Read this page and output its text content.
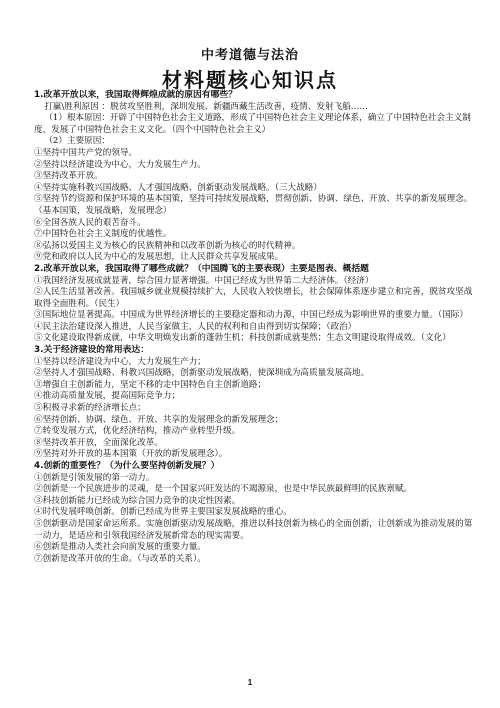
中考道德与法治
材料题核心知识点

1.改革开放以来，我国取得辉煌成就的原因有哪些？

打赢\胜利原因 ：脱贫攻坚胜利，深圳发展、新疆西藏生活改善，疫情、发射飞船……

（1）根本原因：开辟了中国特色社会主义道路，形成了中国特色社会主义理论体系，确立了中国特色社会主义制度，发展了中国特色社会主义文化。（四个中国特色社会主义）

（2）主要原因：

①坚持中国共产党的领导。

②坚持以经济建设为中心，大力发展生产力。

③坚持改革开放。

④坚持实施科教兴国战略、人才强国战略、创新驱动发展战略。（三大战略）

⑤坚持节约资源和保护环境的基本国策，坚持可持续发展战略，贯彻创新、协调、绿色、开放、共享的新发展理念。（基本国策，发展战略，发展理念）

⑥全国各族人民的艰苦奋斗。

⑦中国特色社会主义制度的优越性。

⑧弘扬以爱国主义为核心的民族精神和以改革创新为核心的时代精神。

⑨党和政府以人民为中心的发展思想，让人民群众共享发展成果。

2.改革开放以来，我国取得了哪些成就？（中国腾飞的主要表现）主要是图表、概括题

①我国经济发展成就显著，综合国力显著增强。中国已经成为世界第二大经济体。（经济）

②人民生活显著改善。我国城乡就业规模持续扩大，人民收入较快增长，社会保障体系逐步建立和完善，脱贫攻坚战取得全面胜利。（民生）

③国际地位显著提高。中国成为世界经济增长的主要稳定器和动力源，中国已经成为影响世界的重要力量。（国际）

④民主法治建设深入推进，人民当家做主，人民的权利和自由得到切实保障；（政治）

⑤文化建设取得新成就，中华文明焕发出新的蓬勃生机；科技创新成就斐然；生态文明建设取得成效。（文化）

3.关于经济建设的常用表达：

①坚持以经济建设为中心，大力发展生产力；

②坚持人才强国战略、科教兴国战略，创新驱动发展战略，使深圳成为高质量发展高地。

③增强自主创新能力，坚定不移的走中国特色自主创新道路；

④推动高质量发展，提高国际竞争力；

⑤积极寻求新的经济增长点；

⑥坚持创新、协调、绿色、开放、共享的发展理念的新发展理念；

⑦转变发展方式，优化经济结构，推动产业转型升级。

⑧坚持改革开放，全面深化改革。

⑨坚持对外开放的基本国策（开放的新发展理念）。

4.创新的重要性？（为什么要坚持创新发展？）

①创新是引领发展的第一动力。

②创新是一个民族进步的灵魂，是一个国家兴旺发达的不竭源泉，也是中华民族最鲜明的民族禀赋。

③科技创新能力已经成为综合国力竞争的决定性因素。

④时代发展呼唤创新。创新已经成为世界主要国家发展战略的重心。

⑤创新驱动是国家命运所系。实施创新驱动发展战略，推进以科技创新为核心的全面创新，让创新成为推动发展的第一动力，是适应和引领我国经济发展新常态的现实需要。

⑥创新是推动人类社会向前发展的重要力量。

⑦创新是改革开放的生命。（与改革的关系）。

1
